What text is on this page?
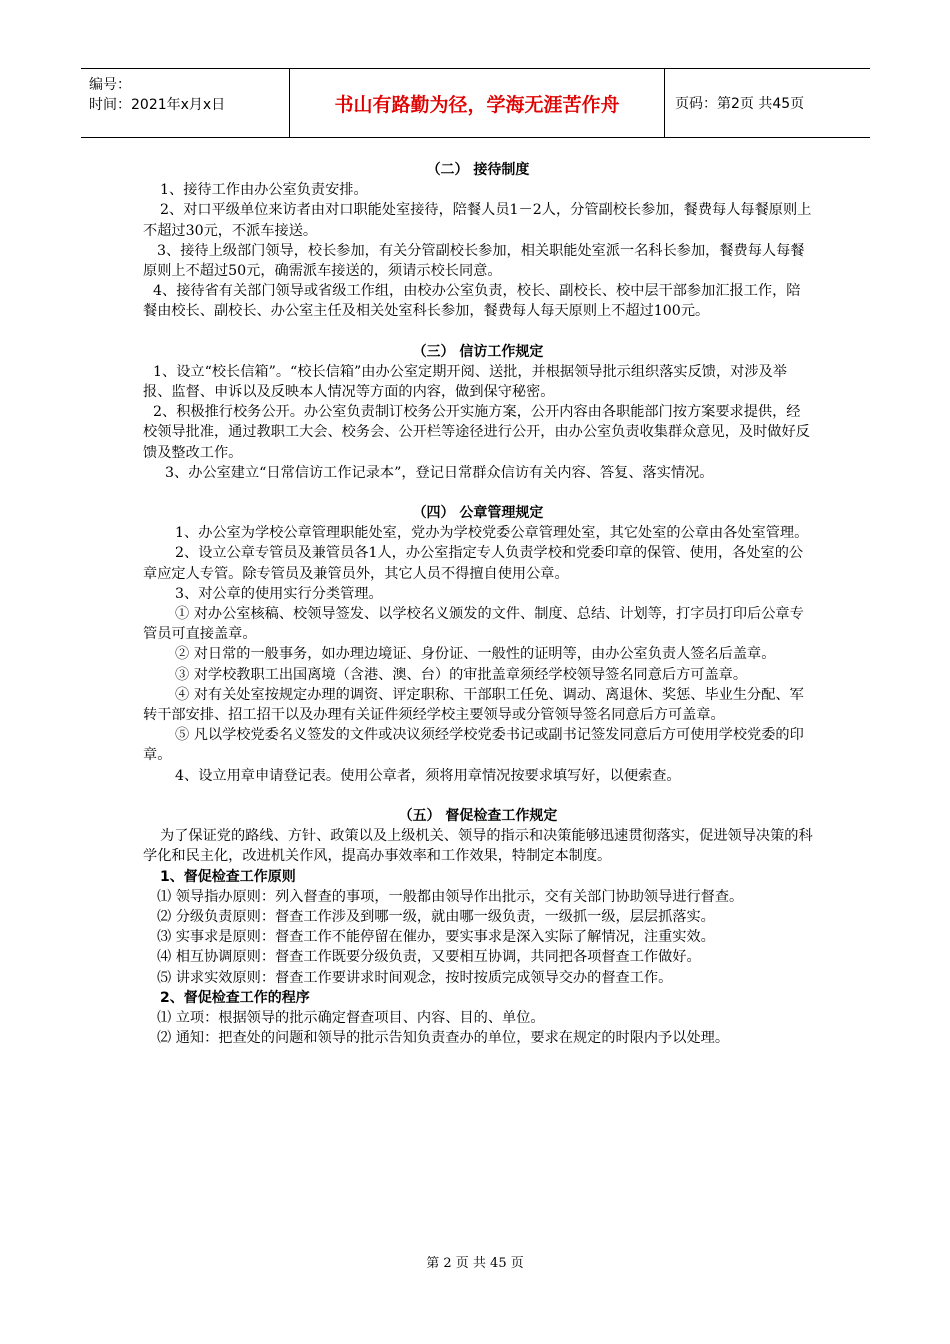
编号：
时间：2021年x月x日	书山有路勤为径，学海无涯苦作舟	页码：第2页 共45页

（二） 接待制度

1、接待工作由办公室负责安排。

2、对口平级单位来访者由对口职能处室接待，陪餐人员1－2人，分管副校长参加，餐费每人每餐原则上不超过30元，不派车接送。

3、接待上级部门领导，校长参加，有关分管副校长参加，相关职能处室派一名科长参加，餐费每人每餐原则上不超过50元，确需派车接送的，须请示校长同意。

4、接待省有关部门领导或省级工作组，由校办公室负责，校长、副校长、校中层干部参加汇报工作，陪餐由校长、副校长、办公室主任及相关处室科长参加，餐费每人每天原则上不超过100元。

（三） 信访工作规定

1、设立“校长信箱”。“校长信箱”由办公室定期开阅、送批，并根据领导批示组织落实反馈，对涉及举报、监督、申诉以及反映本人情况等方面的内容，做到保守秘密。

2、积极推行校务公开。办公室负责制订校务公开实施方案，公开内容由各职能部门按方案要求提供，经校领导批准，通过教职工大会、校务会、公开栏等途径进行公开，由办公室负责收集群众意见，及时做好反馈及整改工作。

3、办公室建立“日常信访工作记录本”，登记日常群众信访有关内容、答复、落实情况。

（四） 公章管理规定

1、办公室为学校公章管理职能处室，党办为学校党委公章管理处室，其它处室的公章由各处室管理。

2、设立公章专管员及兼管员各1人，办公室指定专人负责学校和党委印章的保管、使用，各处室的公章应定人专管。除专管员及兼管员外，其它人员不得擅自使用公章。

3、对公章的使用实行分类管理。

① 对办公室核稿、校领导签发、以学校名义颁发的文件、制度、总结、计划等，打字员打印后公章专管员可直接盖章。

② 对日常的一般事务，如办理边境证、身份证、一般性的证明等，由办公室负责人签名后盖章。

③ 对学校教职工出国离境（含港、澳、台）的审批盖章须经学校领导签名同意后方可盖章。

④ 对有关处室按规定办理的调资、评定职称、干部职工任免、调动、离退休、奖惩、毕业生分配、军转干部安排、招工招干以及办理有关证件须经学校主要领导或分管领导签名同意后方可盖章。

⑤ 凡以学校党委名义签发的文件或决议须经学校党委书记或副书记签发同意后方可使用学校党委的印章。

4、设立用章申请登记表。使用公章者，须将用章情况按要求填写好，以便索查。

（五） 督促检查工作规定

为了保证党的路线、方针、政策以及上级机关、领导的指示和决策能够迅速贯彻落实，促进领导决策的科学化和民主化，改进机关作风，提高办事效率和工作效果，特制定本制度。

1、督促检查工作原则

⑴ 领导指办原则：列入督查的事项，一般都由领导作出批示，交有关部门协助领导进行督查。

⑵ 分级负责原则：督查工作涉及到哪一级，就由哪一级负责，一级抓一级，层层抓落实。

⑶ 实事求是原则：督查工作不能停留在催办，要实事求是深入实际了解情况，注重实效。

⑷ 相互协调原则：督查工作既要分级负责，又要相互协调，共同把各项督查工作做好。

⑸ 讲求实效原则：督查工作要讲求时间观念，按时按质完成领导交办的督查工作。

2、督促检查工作的程序

⑴ 立项：根据领导的批示确定督查项目、内容、目的、单位。

⑵ 通知：把查处的问题和领导的批示告知负责查办的单位，要求在规定的时限内予以处理。

第 2 页 共 45 页
